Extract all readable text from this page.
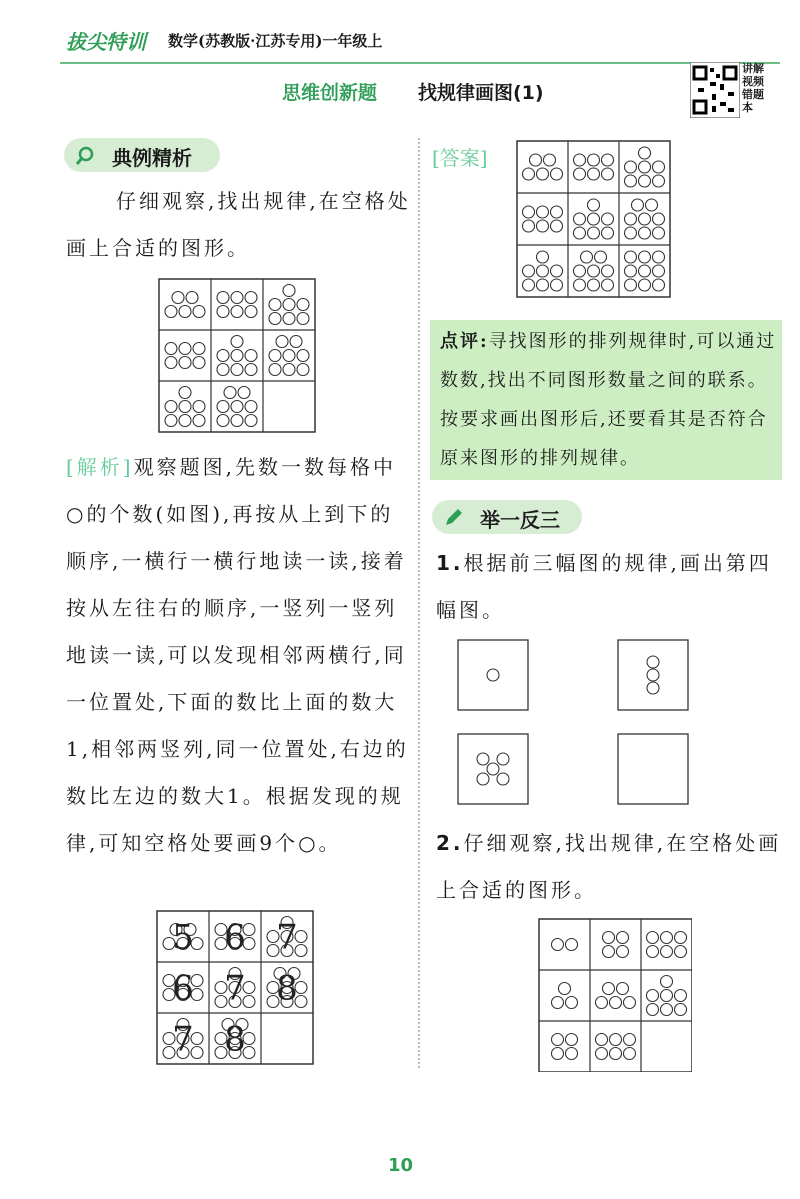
拔尖特训 数学(苏教版·江苏专用)一年级上
思维创新题 找规律画图(1)
讲解视频错题本
典例精析
仔细观察,找出规律,在空格处画上合适的图形。
[解析]观察题图,先数一数每格中○的个数(如图),再按从上到下的顺序,一横行一横行地读一读,接着按从左往右的顺序,一竖列一竖列地读一读,可以发现相邻两横行,同一位置处,下面的数比上面的数大1,相邻两竖列,同一位置处,右边的数比左边的数大1。根据发现的规律,可知空格处要画9个○。
5 6 7
6 7 8
7 8
[答案]
点评:寻找图形的排列规律时,可以通过数数,找出不同图形数量之间的联系。按要求画出图形后,还要看其是否符合原来图形的排列规律。
举一反三
1.根据前三幅图的规律,画出第四幅图。
2.仔细观察,找出规律,在空格处画上合适的图形。
10
